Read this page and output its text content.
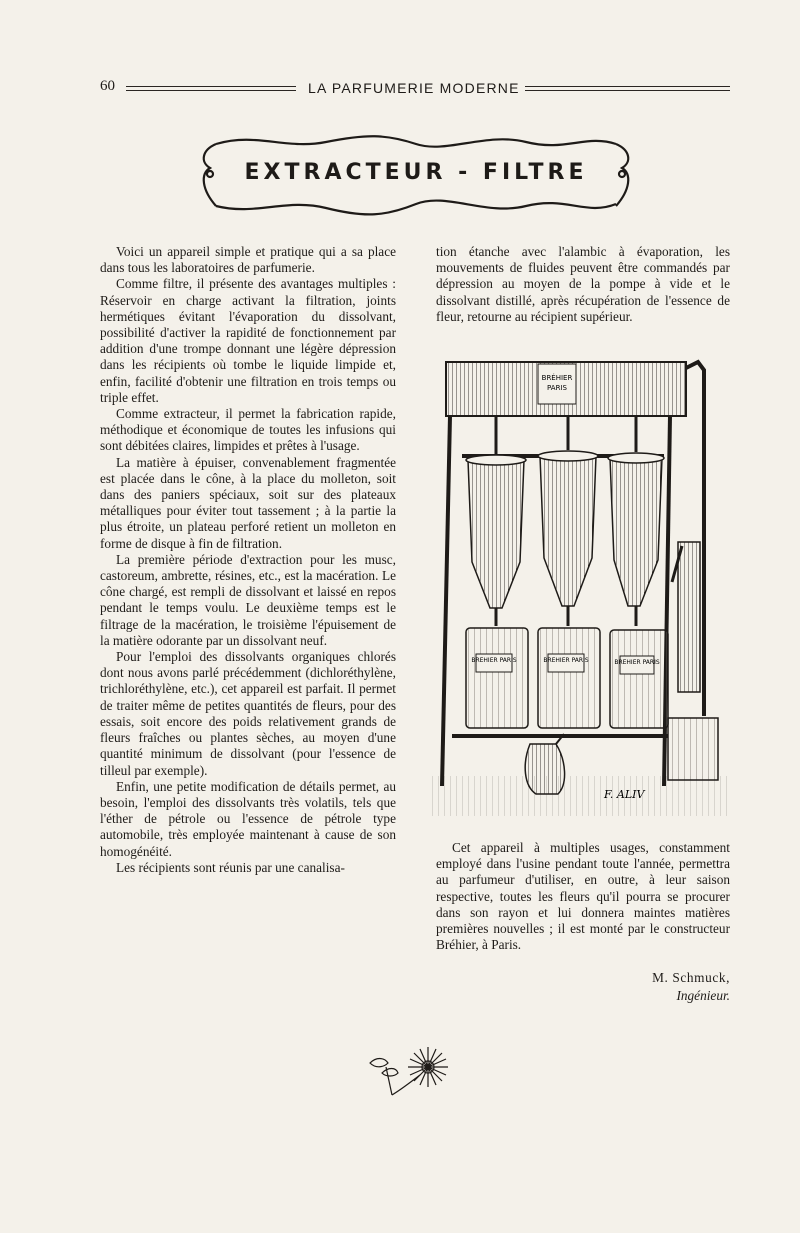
60	LA PARFUMERIE MODERNE
EXTRACTEUR - FILTRE

Voici un appareil simple et pratique qui a sa place dans tous les laboratoires de parfumerie.

Comme filtre, il présente des avantages multiples : Réservoir en charge activant la filtration, joints hermétiques évitant l'évaporation du dissolvant, possibilité d'activer la rapidité de fonctionnement par addition d'une trompe donnant une légère dépression dans les récipients où tombe le liquide limpide et, enfin, facilité d'obtenir une filtration en trois temps ou triple effet.

Comme extracteur, il permet la fabrication rapide, méthodique et économique de toutes les infusions qui sont débitées claires, limpides et prêtes à l'usage.

La matière à épuiser, convenablement fragmentée est placée dans le cône, à la place du molleton, soit dans des paniers spéciaux, soit sur des plateaux métalliques pour éviter tout tassement ; à la partie la plus étroite, un plateau perforé retient un molleton en forme de disque à fin de filtration.

La première période d'extraction pour les musc, castoreum, ambrette, résines, etc., est la macération. Le cône chargé, est rempli de dissolvant et laissé en repos pendant le temps voulu. Le deuxième temps est le filtrage de la macération, le troisième l'épuisement de la matière odorante par un dissolvant neuf.

Pour l'emploi des dissolvants organiques chlorés dont nous avons parlé précédemment (dichloréthylène, trichloréthylène, etc.), cet appareil est parfait. Il permet de traiter même de petites quantités de fleurs, pour des essais, soit encore des poids relativement grands de fleurs fraîches ou plantes sèches, au moyen d'une quantité minimum de dissolvant (pour l'essence de tilleul par exemple).

Enfin, une petite modification de détails permet, au besoin, l'emploi des dissolvants très volatils, tels que l'éther de pétrole ou l'essence de pétrole type automobile, très employée maintenant à cause de son homogénéité.

Les récipients sont réunis par une canalisa-

tion étanche avec l'alambic à évaporation, les mouvements de fluides peuvent être commandés par dépression au moyen de la pompe à vide et le dissolvant distillé, après récupération de l'essence de fleur, retourne au récipient supérieur.

BRÉHIER
PARIS
BREHIER PARIS	BREHIER PARIS	BREHIER PARIS
F. ALIV

Cet appareil à multiples usages, constamment employé dans l'usine pendant toute l'année, permettra au parfumeur d'utiliser, en outre, à leur saison respective, toutes les fleurs qu'il pourra se procurer dans son rayon et lui donnera maintes matières premières nouvelles ; il est monté par le constructeur Bréhier, à Paris.

M. Schmuck,
Ingénieur.
